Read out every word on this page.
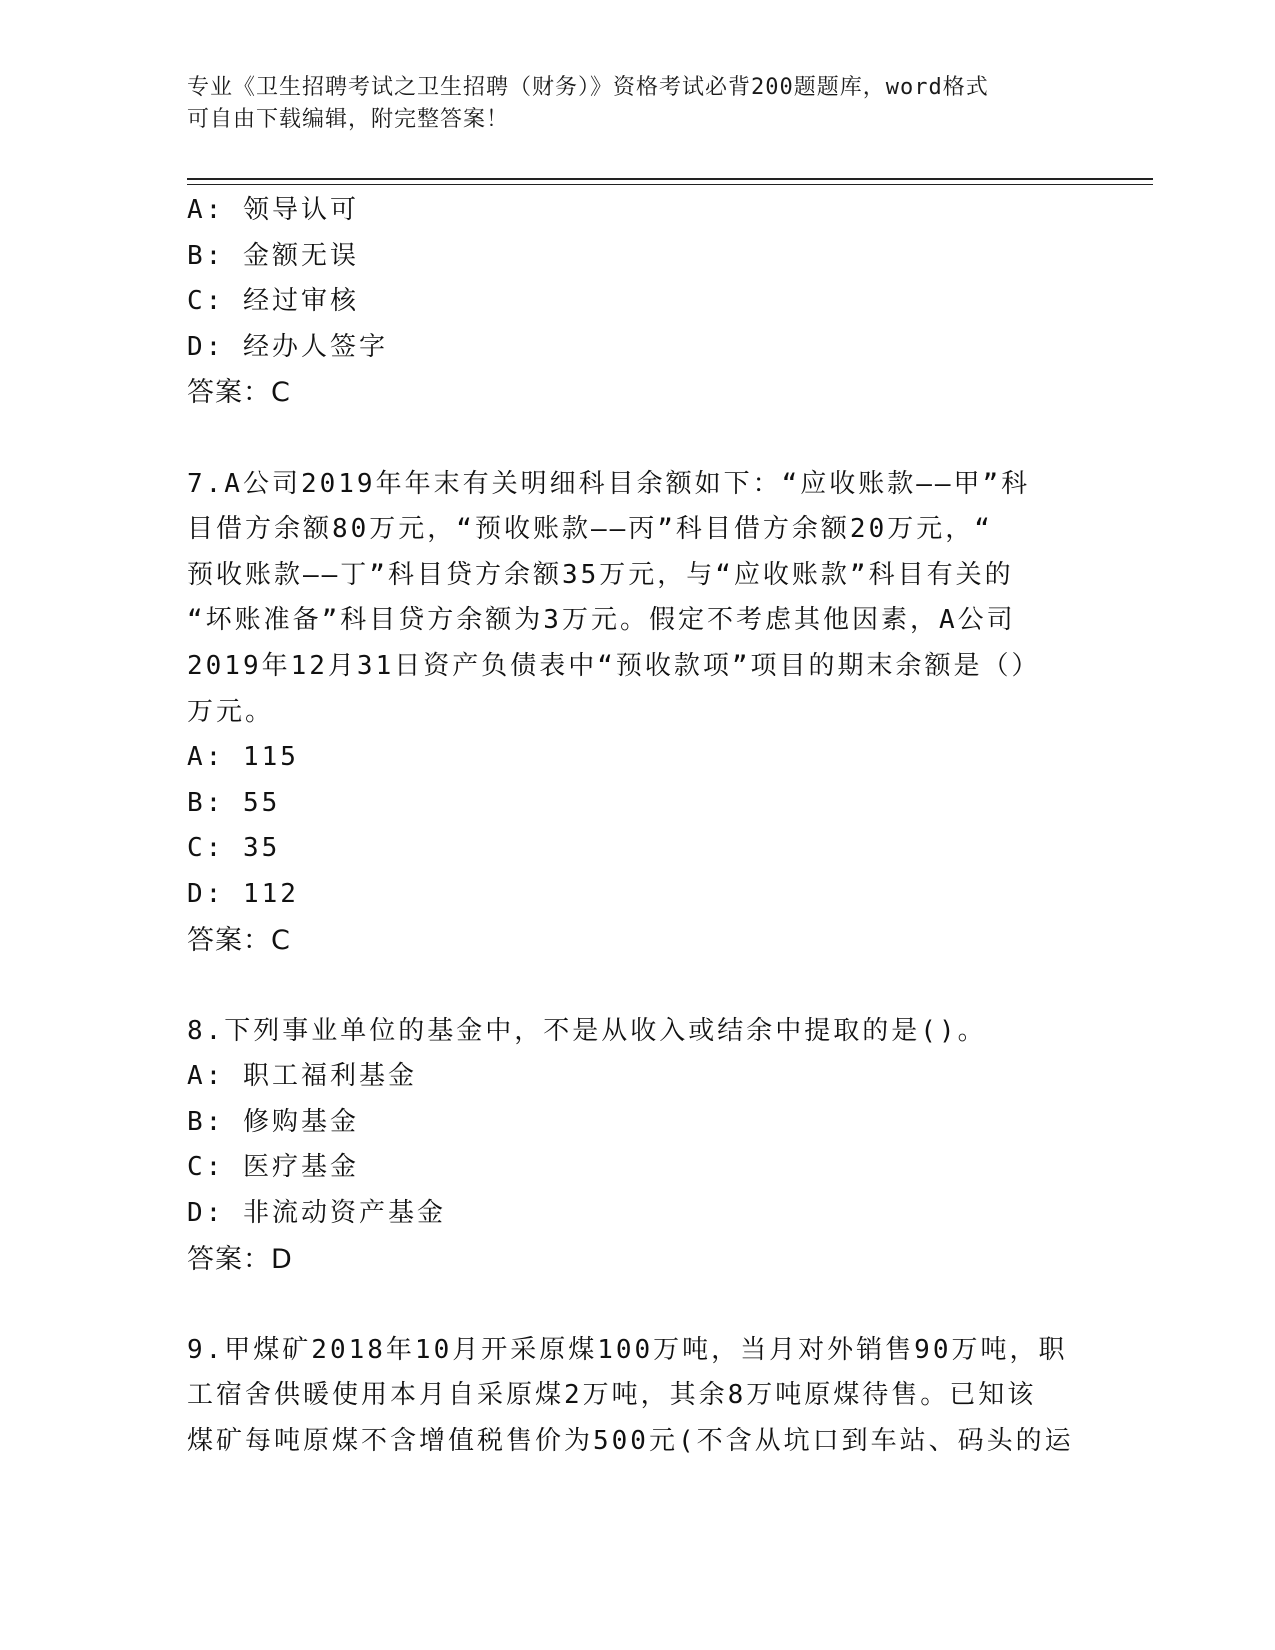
专业《卫生招聘考试之卫生招聘（财务）》资格考试必背200题题库，word格式
可自由下载编辑，附完整答案！
A: 领导认可
B: 金额无误
C: 经过审核
D: 经办人签字
答案：C
7.A公司2019年年末有关明细科目余额如下：“应收账款——甲”科
目借方余额80万元，“预收账款——丙”科目借方余额20万元，“
预收账款——丁”科目贷方余额35万元，与“应收账款”科目有关的
“坏账准备”科目贷方余额为3万元。假定不考虑其他因素，A公司
2019年12月31日资产负债表中“预收款项”项目的期末余额是（）
万元。
A: 115
B: 55
C: 35
D: 112
答案：C
8.下列事业单位的基金中，不是从收入或结余中提取的是()。
A: 职工福利基金
B: 修购基金
C: 医疗基金
D: 非流动资产基金
答案：D
9.甲煤矿2018年10月开采原煤100万吨，当月对外销售90万吨，职
工宿舍供暖使用本月自采原煤2万吨，其余8万吨原煤待售。已知该
煤矿每吨原煤不含增值税售价为500元(不含从坑口到车站、码头的运
